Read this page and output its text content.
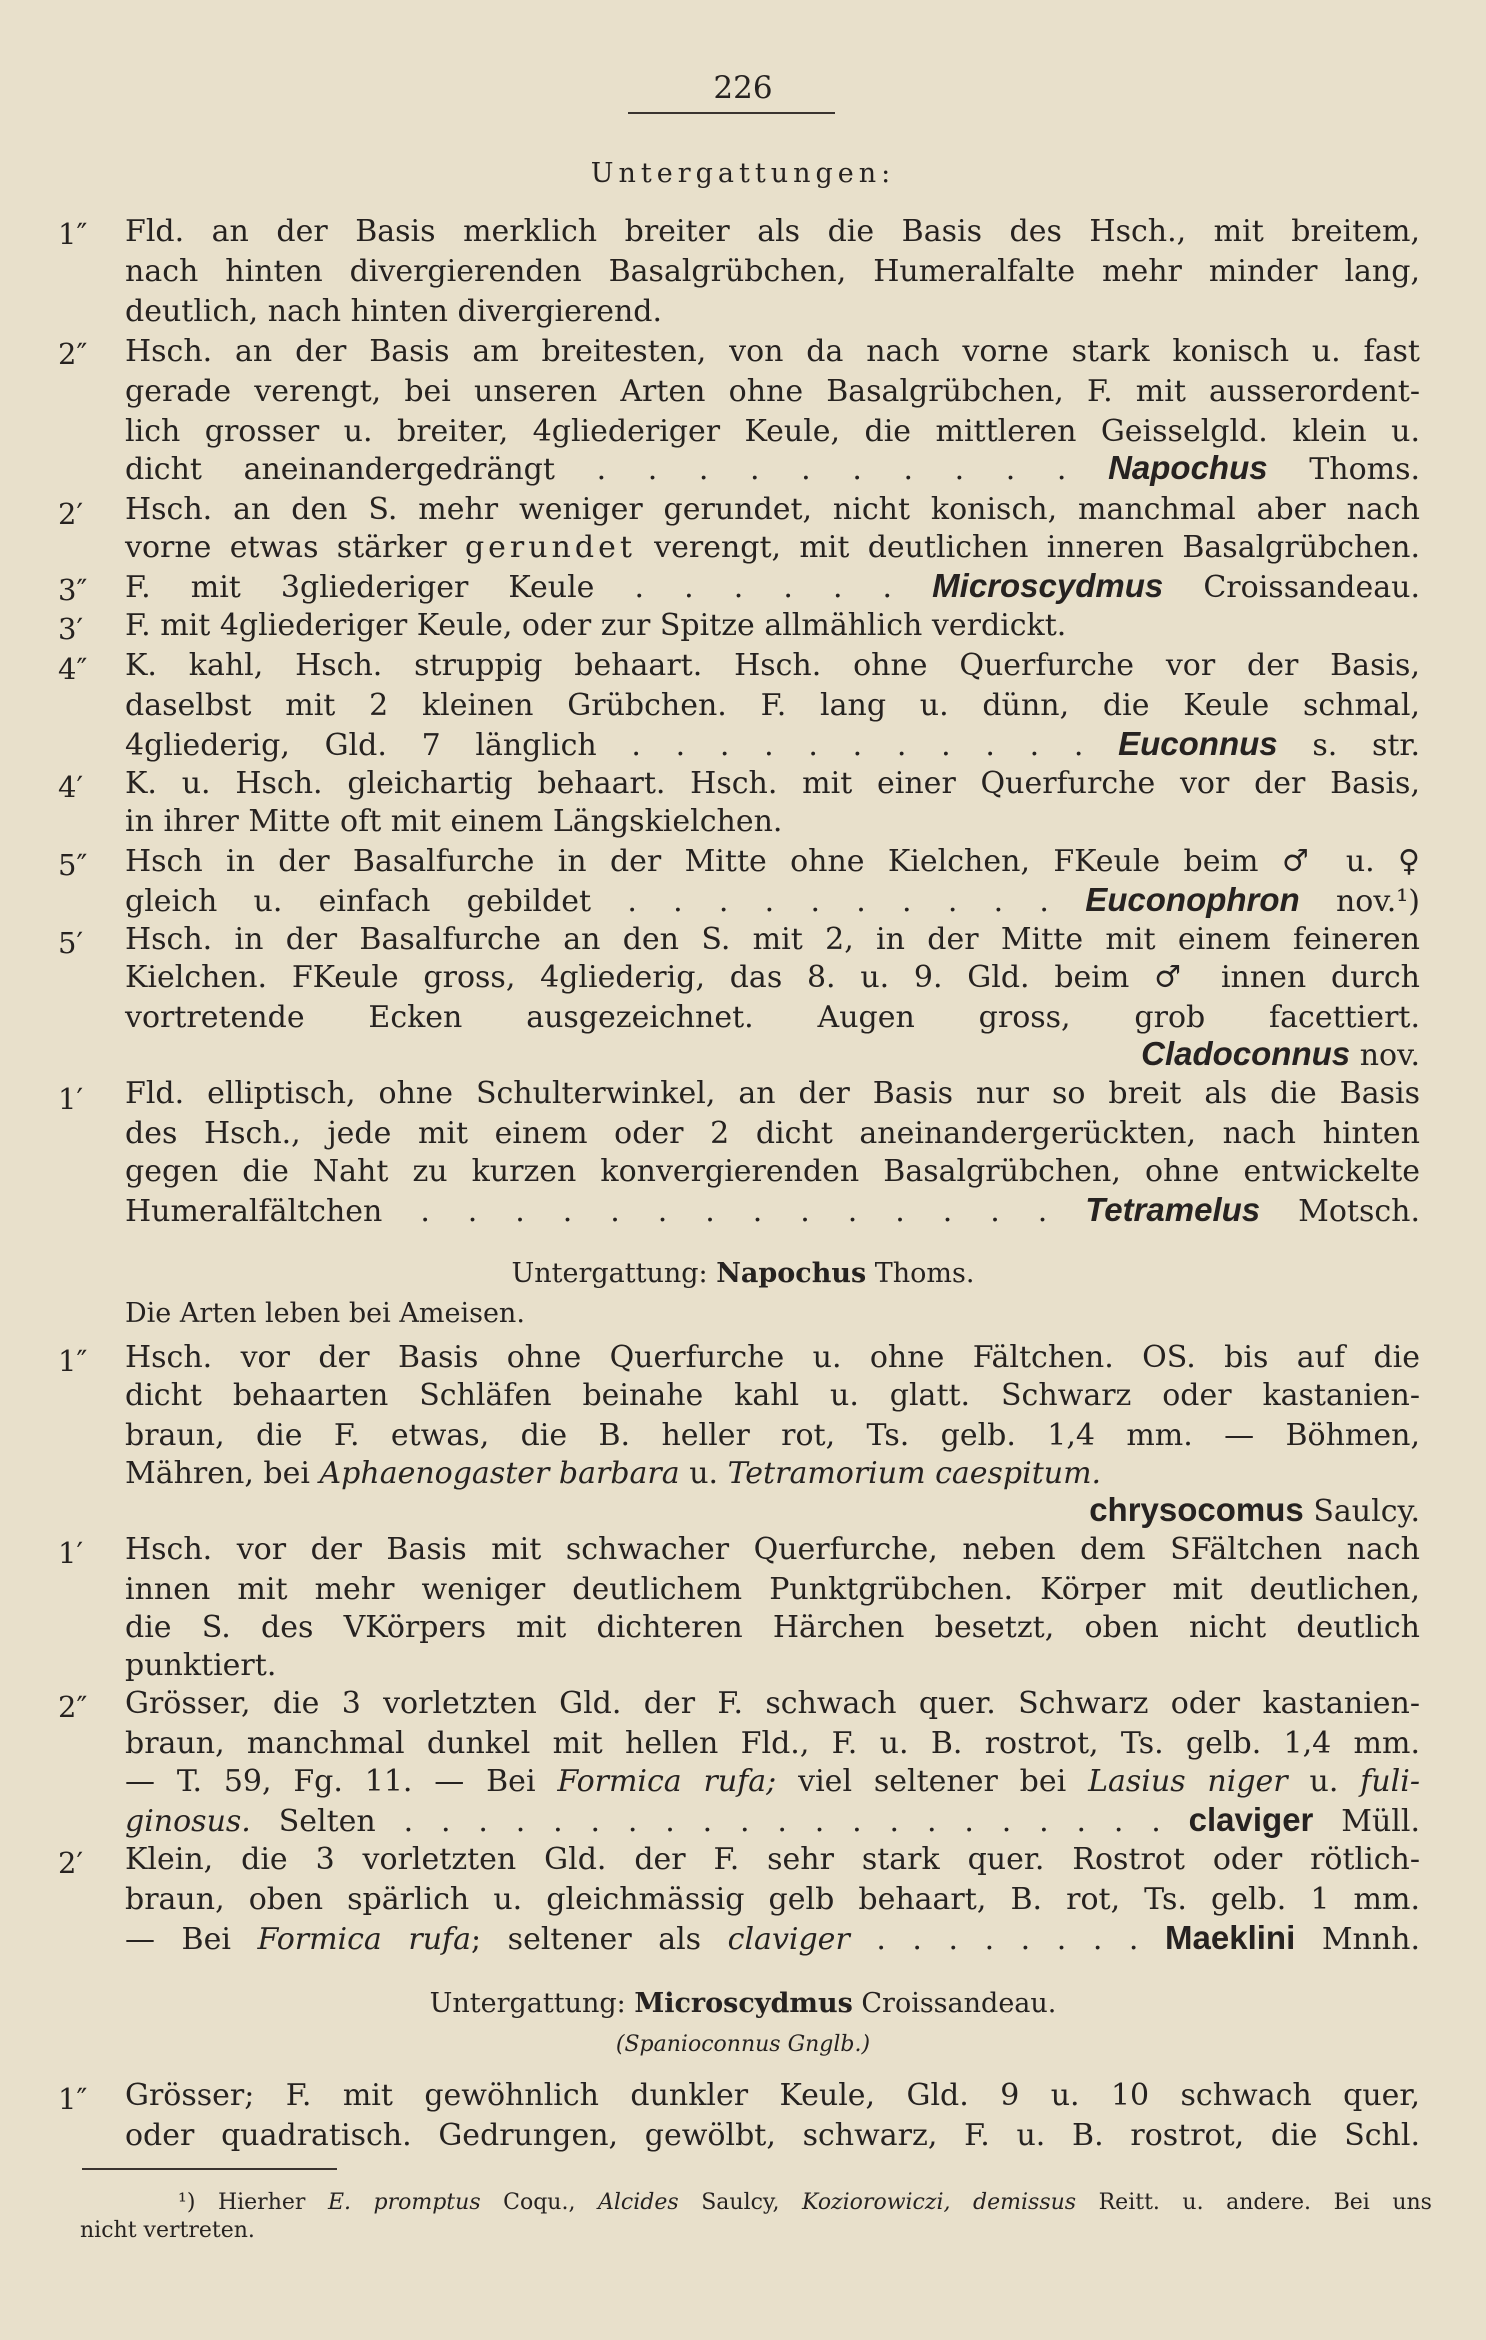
226
Untergattungen:
1″ Fld. an der Basis merklich breiter als die Basis des Hsch., mit breitem,
nach hinten divergierenden Basalgrübchen, Humeralfalte mehr minder lang,
deutlich, nach hinten divergierend.
2″ Hsch. an der Basis am breitesten, von da nach vorne stark konisch u. fast
gerade verengt, bei unseren Arten ohne Basalgrübchen, F. mit ausserordent-
lich grosser u. breiter, 4gliederiger Keule, die mittleren Geisselgld. klein u.
dicht aneinandergedrängt . . . . . . . . . . Napochus Thoms.
2′ Hsch. an den S. mehr weniger gerundet, nicht konisch, manchmal aber nach
vorne etwas stärker gerundet verengt, mit deutlichen inneren Basalgrübchen.
3″ F. mit 3gliederiger Keule . . . . . . Microscydmus Croissandeau.
3′ F. mit 4gliederiger Keule, oder zur Spitze allmählich verdickt.
4″ K. kahl, Hsch. struppig behaart. Hsch. ohne Querfurche vor der Basis,
daselbst mit 2 kleinen Grübchen. F. lang u. dünn, die Keule schmal,
4gliederig, Gld. 7 länglich . . . . . . . . . . . Euconnus s. str.
4′ K. u. Hsch. gleichartig behaart. Hsch. mit einer Querfurche vor der Basis,
in ihrer Mitte oft mit einem Längskielchen.
5″ Hsch in der Basalfurche in der Mitte ohne Kielchen, FKeule beim ♂ u. ♀
gleich u. einfach gebildet . . . . . . . . . . Euconophron nov.¹)
5′ Hsch. in der Basalfurche an den S. mit 2, in der Mitte mit einem feineren
Kielchen. FKeule gross, 4gliederig, das 8. u. 9. Gld. beim ♂ innen durch
vortretende Ecken ausgezeichnet. Augen gross, grob facettiert.
Cladoconnus nov.
1′ Fld. elliptisch, ohne Schulterwinkel, an der Basis nur so breit als die Basis
des Hsch., jede mit einem oder 2 dicht aneinandergerückten, nach hinten
gegen die Naht zu kurzen konvergierenden Basalgrübchen, ohne entwickelte
Humeralfältchen . . . . . . . . . . . . . . Tetramelus Motsch.
Untergattung: Napochus Thoms.
Die Arten leben bei Ameisen.
1″ Hsch. vor der Basis ohne Querfurche u. ohne Fältchen. OS. bis auf die
dicht behaarten Schläfen beinahe kahl u. glatt. Schwarz oder kastanien-
braun, die F. etwas, die B. heller rot, Ts. gelb. 1,4 mm. — Böhmen,
Mähren, bei Aphaenogaster barbara u. Tetramorium caespitum.
chrysocomus Saulcy.
1′ Hsch. vor der Basis mit schwacher Querfurche, neben dem SFältchen nach
innen mit mehr weniger deutlichem Punktgrübchen. Körper mit deutlichen,
die S. des VKörpers mit dichteren Härchen besetzt, oben nicht deutlich
punktiert.
2″ Grösser, die 3 vorletzten Gld. der F. schwach quer. Schwarz oder kastanien-
braun, manchmal dunkel mit hellen Fld., F. u. B. rostrot, Ts. gelb. 1,4 mm.
— T. 59, Fg. 11. — Bei Formica rufa; viel seltener bei Lasius niger u. fuli-
ginosus. Selten . . . . . . . . . . . . . . . . . . . . . claviger Müll.
2′ Klein, die 3 vorletzten Gld. der F. sehr stark quer. Rostrot oder rötlich-
braun, oben spärlich u. gleichmässig gelb behaart, B. rot, Ts. gelb. 1 mm.
— Bei Formica rufa; seltener als claviger . . . . . . . . Maeklini Mnnh.
Untergattung: Microscydmus Croissandeau.
(Spanioconnus Gnglb.)
1″ Grösser; F. mit gewöhnlich dunkler Keule, Gld. 9 u. 10 schwach quer,
oder quadratisch. Gedrungen, gewölbt, schwarz, F. u. B. rostrot, die Schl.
¹) Hierher E. promptus Coqu., Alcides Saulcy, Koziorowiczi, demissus Reitt. u. andere. Bei uns
nicht vertreten.
